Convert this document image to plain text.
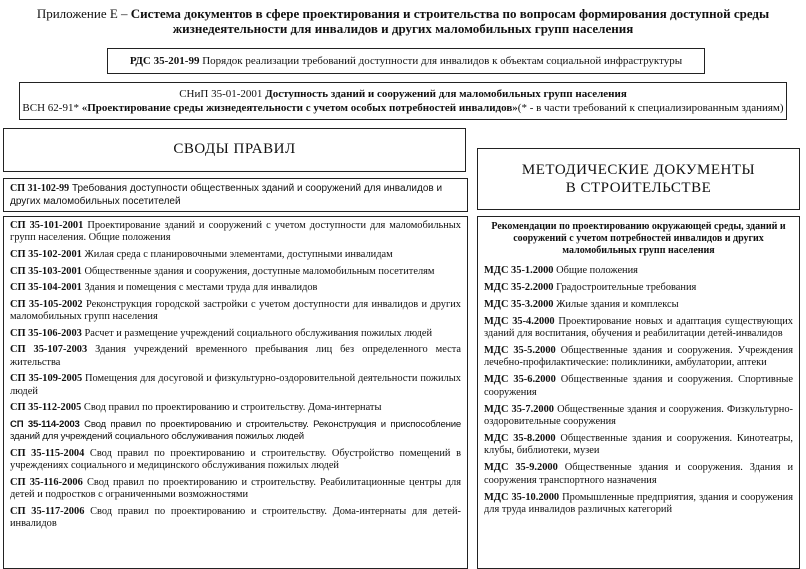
Приложение Е – Система документов в сфере проектирования и строительства по вопросам формирования доступной среды
жизнедеятельности для инвалидов и других маломобильных групп населения
РДС 35-201-99 Порядок реализации требований доступности для инвалидов к объектам социальной инфраструктуры
СНиП 35-01-2001 Доступность зданий и сооружений для маломобильных групп населения
ВСН 62-91* «Проектирование среды жизнедеятельности с учетом особых потребностей инвалидов»(* - в части требований к специализированным зданиям)
СВОДЫ ПРАВИЛ
МЕТОДИЧЕСКИЕ ДОКУМЕНТЫ
В СТРОИТЕЛЬСТВЕ
СП 31-102-99 Требования доступности общественных зданий и сооружений для инвалидов и других маломобильных посетителей
СП 35-101-2001 Проектирование зданий и сооружений с учетом доступности для маломобильных групп населения. Общие положения
СП 35-102-2001 Жилая среда с планировочными элементами, доступными инвалидам
СП 35-103-2001 Общественные здания и сооружения, доступные маломобильным посетителям
СП 35-104-2001 Здания и помещения с местами труда для инвалидов
СП 35-105-2002 Реконструкция городской застройки с учетом доступности для инвалидов и других маломобильных групп населения
СП 35-106-2003 Расчет и размещение учреждений социального обслуживания пожилых людей
СП 35-107-2003 Здания учреждений временного пребывания лиц без определенного места жительства
СП 35-109-2005 Помещения для досуговой и физкультурно-оздоровительной деятельности пожилых людей
СП 35-112-2005 Свод правил по проектированию и строительству. Дома-интернаты
СП 35-114-2003 Свод правил по проектированию и строительству. Реконструкция и приспособление зданий для учреждений социального обслуживания пожилых людей
СП 35-115-2004 Свод правил по проектированию и строительству. Обустройство помещений в учреждениях социального и медицинского обслуживания пожилых людей
СП 35-116-2006 Свод правил по проектированию и строительству. Реабилитационные центры для детей и подростков с ограниченными возможностями
СП 35-117-2006 Свод правил по проектированию и строительству. Дома-интернаты для детей-инвалидов
Рекомендации по проектированию окружающей среды, зданий и сооружений с учетом потребностей инвалидов и других маломобильных групп населения
МДС 35-1.2000 Общие положения
МДС 35-2.2000 Градостроительные требования
МДС 35-3.2000 Жилые здания и комплексы
МДС 35-4.2000 Проектирование новых и адаптация существующих зданий для воспитания, обучения и реабилитации детей-инвалидов
МДС 35-5.2000 Общественные здания и сооружения. Учреждения лечебно-профилактические: поликлиники, амбулатории, аптеки
МДС 35-6.2000 Общественные здания и сооружения. Спортивные сооружения
МДС 35-7.2000 Общественные здания и сооружения. Физкультурно-оздоровительные сооружения
МДС 35-8.2000 Общественные здания и сооружения. Кинотеатры, клубы, библиотеки, музеи
МДС 35-9.2000 Общественные здания и сооружения. Здания и сооружения транспортного назначения
МДС 35-10.2000 Промышленные предприятия, здания и сооружения для труда инвалидов различных категорий
